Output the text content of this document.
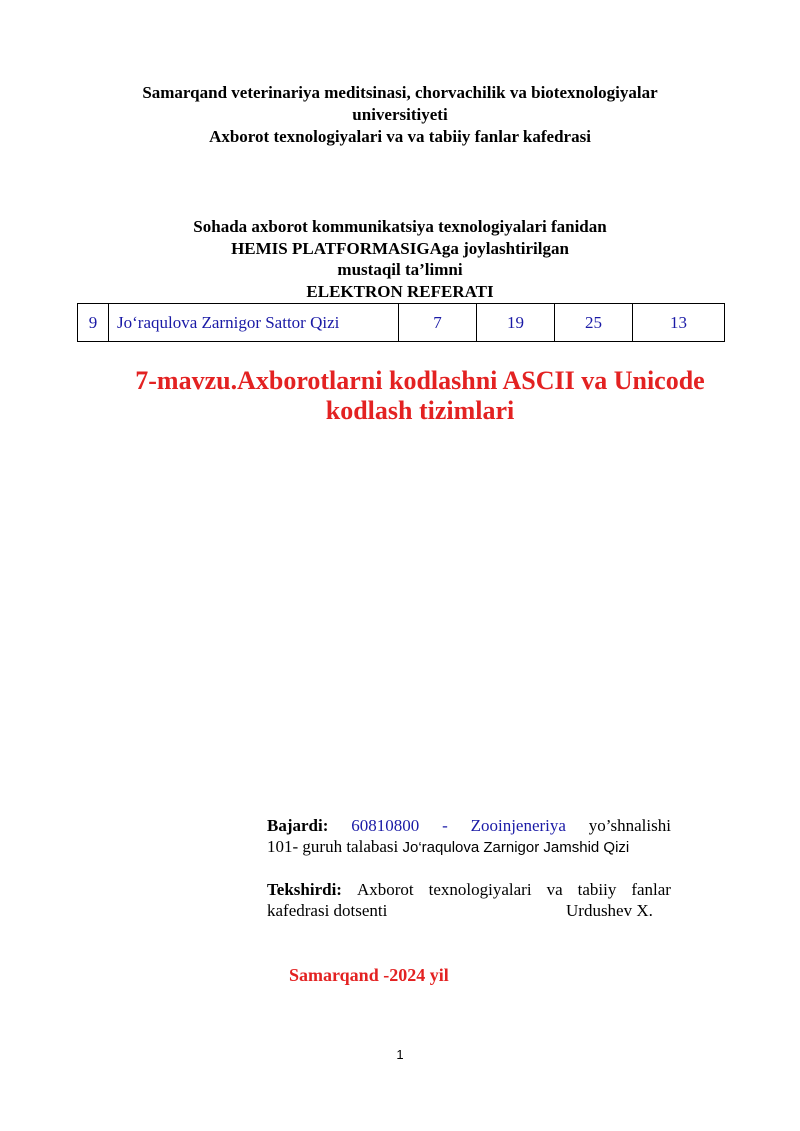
Samarqand veterinariya meditsinasi, chorvachilik va biotexnologiyalar
universitiyeti
Axborot texnologiyalari va va tabiiy fanlar kafedrasi
Sohada axborot kommunikatsiya texnologiyalari fanidan
HEMIS PLATFORMASIGAga joylashtirilgan
mustaqil ta’limni
ELEKTRON REFERATI
9	Jo‘raqulova Zarnigor Sattor Qizi	7	19	25	13
7-mavzu.Axborotlarni kodlashni ASCII va Unicode
kodlash tizimlari
Bajardi: 60810800 - Zooinjeneriya yo’shnalishi
101- guruh talabasi Jo‘raqulova Zarnigor Jamshid Qizi
Tekshirdi: Axborot texnologiyalari va tabiiy fanlar
kafedrasi dotsenti	Urdushev X.
Samarqand -2024 yil
1
